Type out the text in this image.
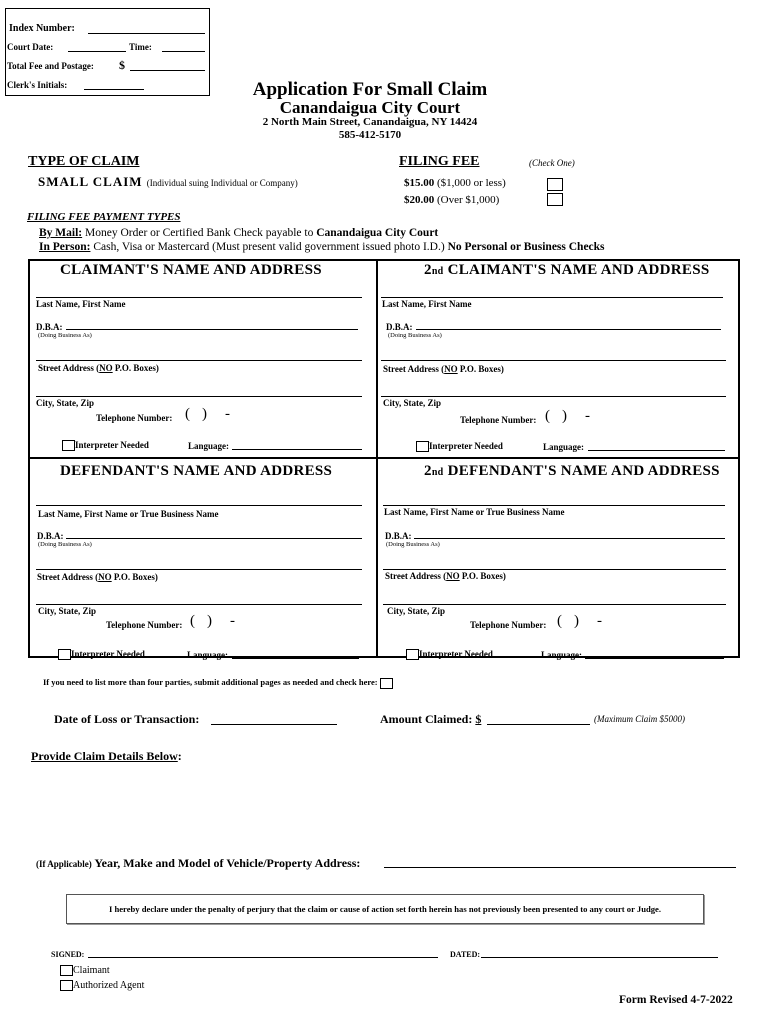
Index Number:
Court Date:	Time:
Total Fee and Postage: $
Clerk's Initials:	Application For Small Claim
Canandaigua City Court
2 North Main Street, Canandaigua, NY 14424
585-412-5170
TYPE OF CLAIM
SMALL CLAIM (Individual suing Individual or Company)
FILING FEE	(Check One)
$15.00 ($1,000 or less)
$20.00 (Over $1,000)
FILING FEE PAYMENT TYPES
By Mail: Money Order or Certified Bank Check payable to Canandaigua City Court
In Person: Cash, Visa or Mastercard (Must present valid government issued photo I.D.) No Personal or Business Checks
CLAIMANT'S NAME AND ADDRESS
Last Name, First Name
D.B.A:
(Doing Business As)
Street Address (NO P.O. Boxes)
City, State, Zip
Telephone Number: ( ) -
Interpreter Needed	Language:
2nd CLAIMANT'S NAME AND ADDRESS
Last Name, First Name
D.B.A:
(Doing Business As)
Street Address (NO P.O. Boxes)
City, State, Zip
Telephone Number: ( ) -
Interpreter Needed	Language:
DEFENDANT'S NAME AND ADDRESS
Last Name, First Name or True Business Name
D.B.A:
(Doing Business As)
Street Address (NO P.O. Boxes)
City, State, Zip
Telephone Number: ( ) -
Interpreter Needed	Language:
2nd DEFENDANT'S NAME AND ADDRESS
Last Name, First Name or True Business Name
D.B.A:
(Doing Business As)
Street Address (NO P.O. Boxes)
City, State, Zip
Telephone Number: ( ) -
Interpreter Needed	Language:
If you need to list more than four parties, submit additional pages as needed and check here:
Date of Loss or Transaction:	Amount Claimed: $	(Maximum Claim $5000)
Provide Claim Details Below:
(If Applicable) Year, Make and Model of Vehicle/Property Address:
I hereby declare under the penalty of perjury that the claim or cause of action set forth herein has not previously been presented to any court or Judge.
SIGNED:	DATED:
Claimant
Authorized Agent
Form Revised 4-7-2022
